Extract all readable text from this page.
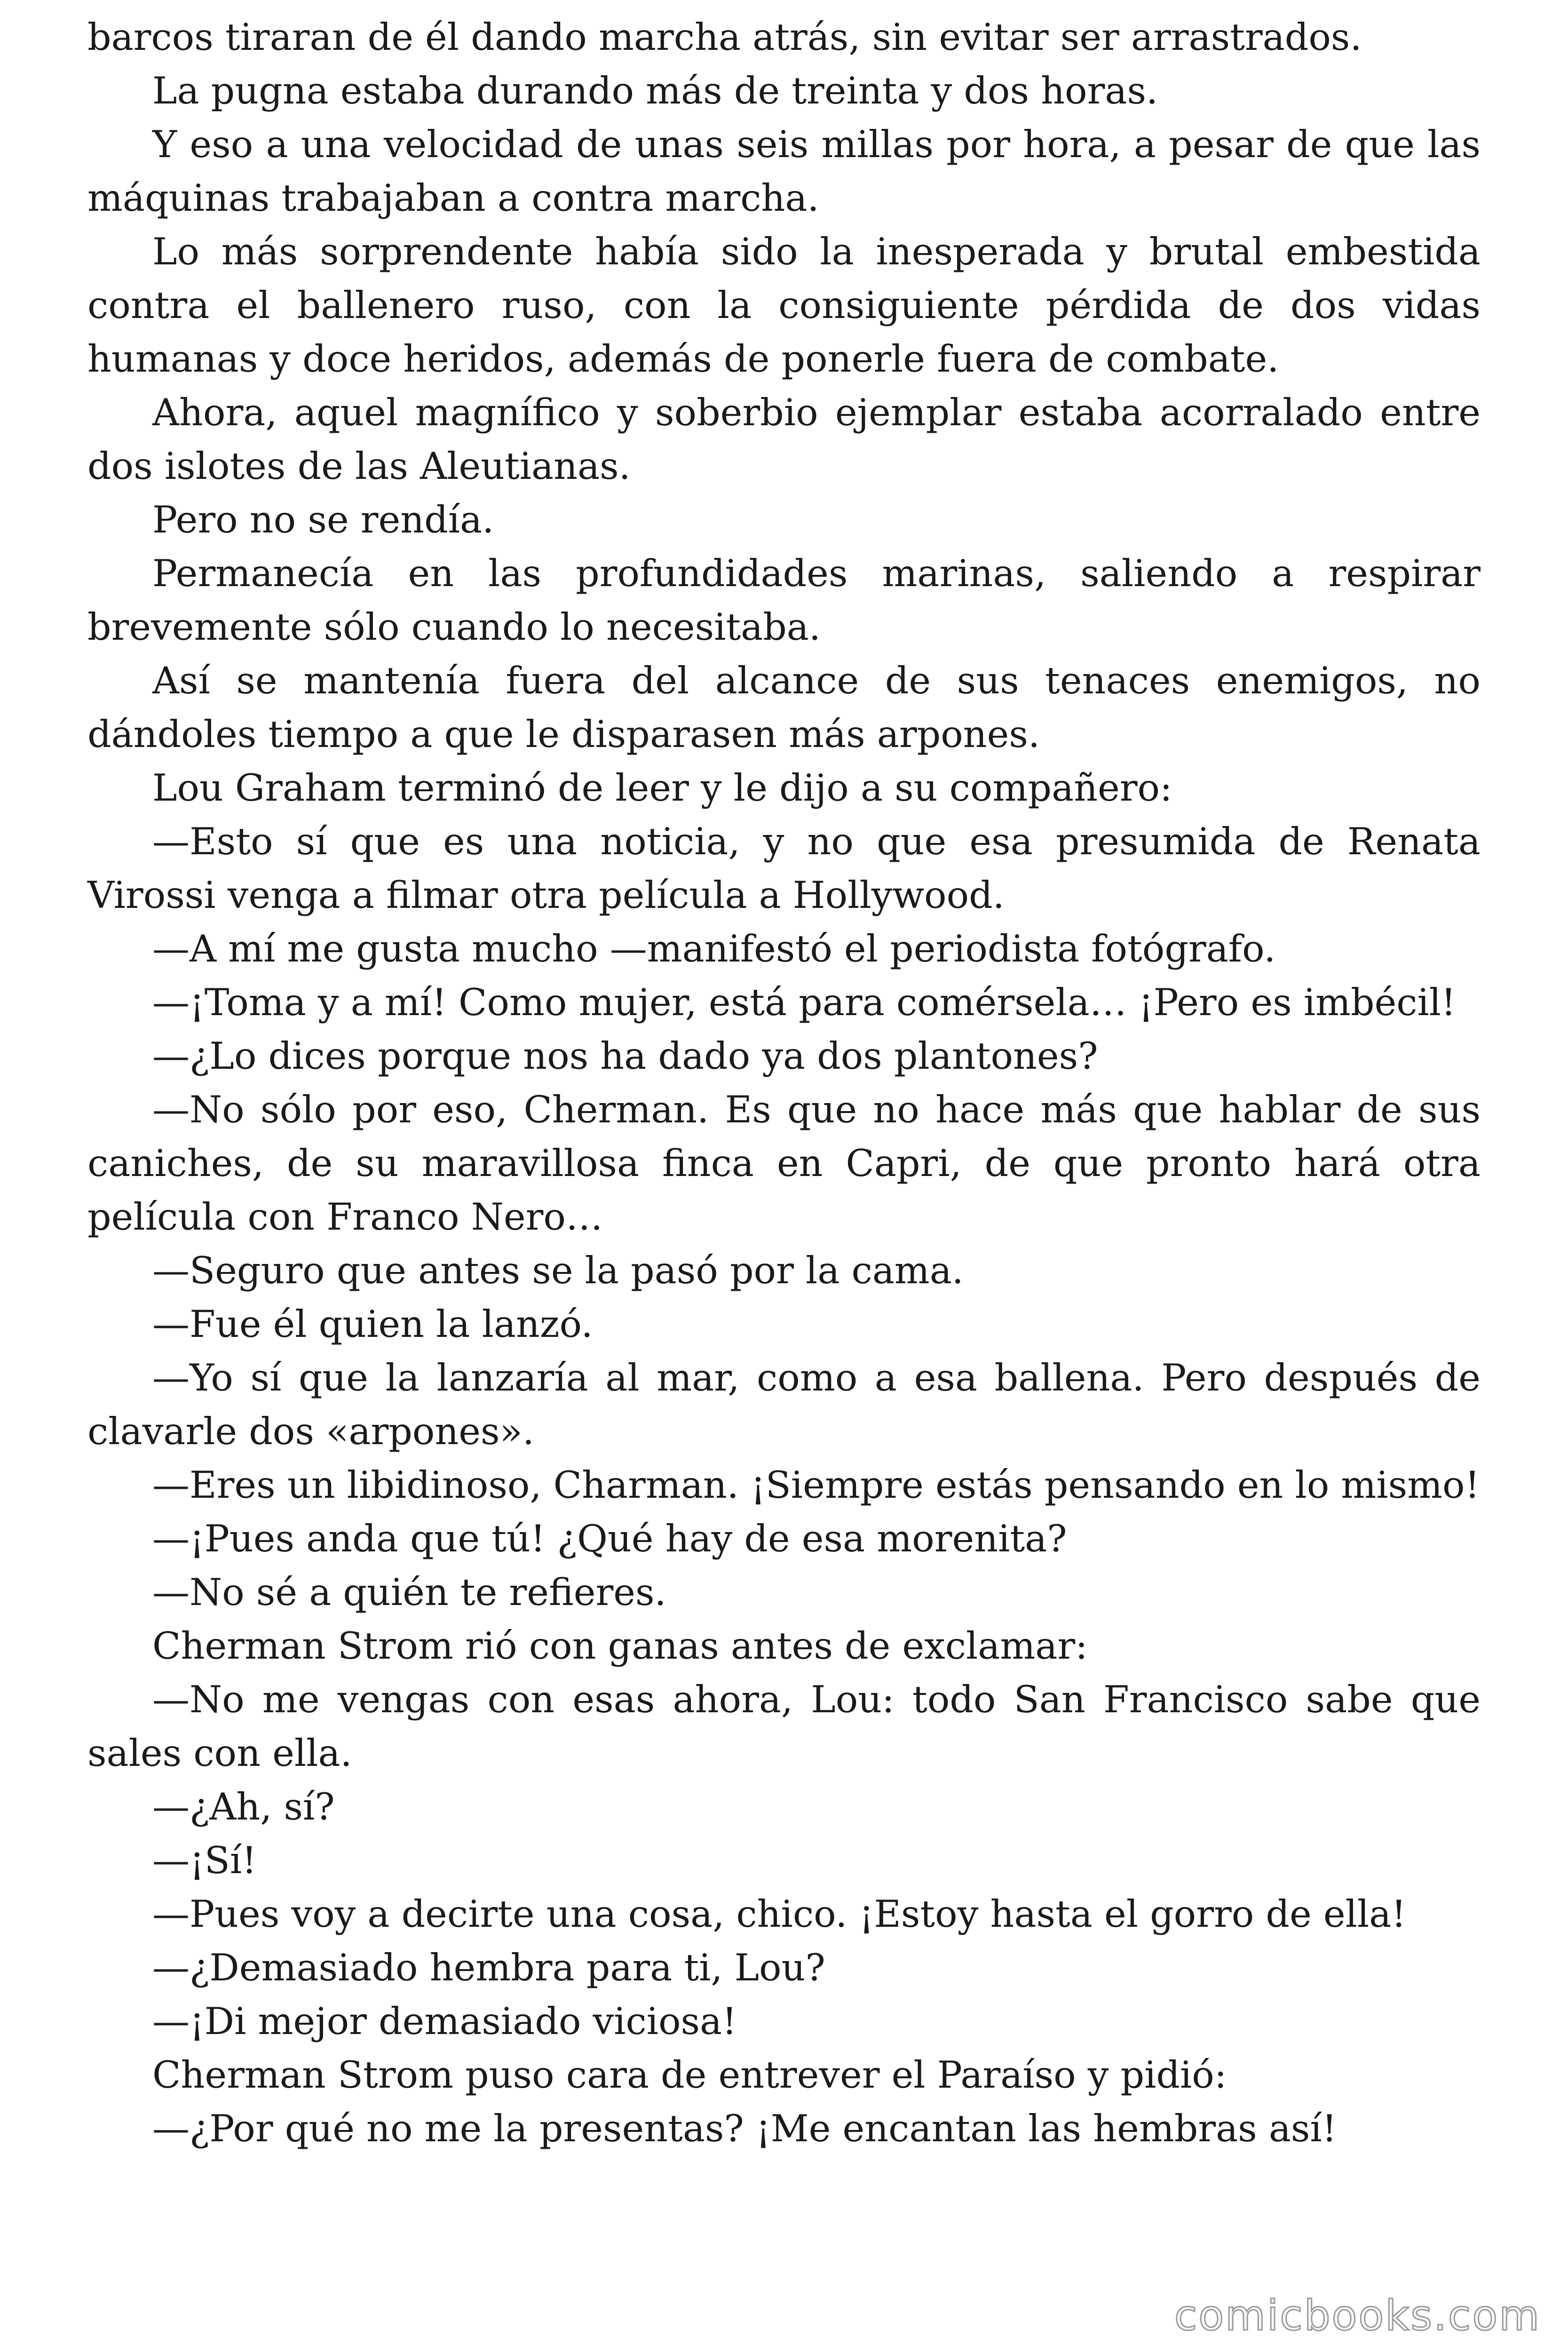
barcos tiraran de él dando marcha atrás, sin evitar ser arrastrados.

La pugna estaba durando más de treinta y dos horas.

Y eso a una velocidad de unas seis millas por hora, a pesar de que las máquinas trabajaban a contra marcha.

Lo más sorprendente había sido la inesperada y brutal embestida contra el ballenero ruso, con la consiguiente pérdida de dos vidas humanas y doce heridos, además de ponerle fuera de combate.

Ahora, aquel magnífico y soberbio ejemplar estaba acorralado entre dos islotes de las Aleutianas.

Pero no se rendía.

Permanecía en las profundidades marinas, saliendo a respirar brevemente sólo cuando lo necesitaba.

Así se mantenía fuera del alcance de sus tenaces enemigos, no dándoles tiempo a que le disparasen más arpones.

Lou Graham terminó de leer y le dijo a su compañero:

—Esto sí que es una noticia, y no que esa presumida de Renata Virossi venga a filmar otra película a Hollywood.

—A mí me gusta mucho —manifestó el periodista fotógrafo.

—¡Toma y a mí! Como mujer, está para comérsela… ¡Pero es imbécil!

—¿Lo dices porque nos ha dado ya dos plantones?

—No sólo por eso, Cherman. Es que no hace más que hablar de sus caniches, de su maravillosa finca en Capri, de que pronto hará otra película con Franco Nero…

—Seguro que antes se la pasó por la cama.

—Fue él quien la lanzó.

—Yo sí que la lanzaría al mar, como a esa ballena. Pero después de clavarle dos «arpones».

—Eres un libidinoso, Charman. ¡Siempre estás pensando en lo mismo!

—¡Pues anda que tú! ¿Qué hay de esa morenita?

—No sé a quién te refieres.

Cherman Strom rió con ganas antes de exclamar:

—No me vengas con esas ahora, Lou: todo San Francisco sabe que sales con ella.

—¿Ah, sí?

—¡Sí!

—Pues voy a decirte una cosa, chico. ¡Estoy hasta el gorro de ella!

—¿Demasiado hembra para ti, Lou?

—¡Di mejor demasiado viciosa!

Cherman Strom puso cara de entrever el Paraíso y pidió:

—¿Por qué no me la presentas? ¡Me encantan las hembras así!

comicbooks.com
